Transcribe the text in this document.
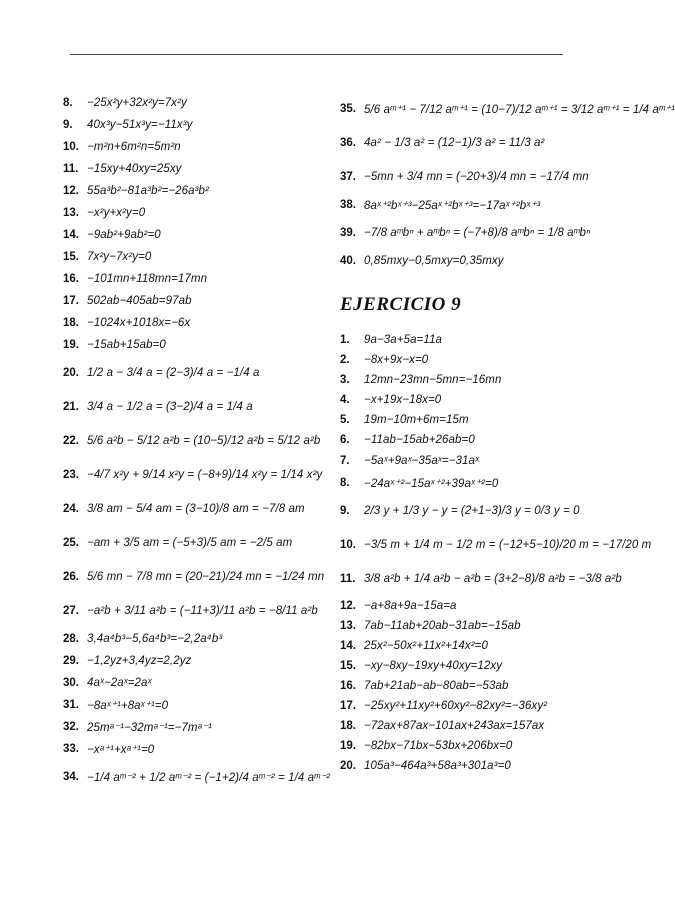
8.	−25x²y+32x²y=7x²y
9.	40x³y−51x³y=−11x³y
10. −m²n+6m²n=5m²n
11. −15xy+40xy=25xy
12. 55a³b²−81a³b²=−26a³b²
13. −x²y+x²y=0
14. −9ab²+9ab²=0
15. 7x²y−7x²y=0
16. −101mn+118mn=17mn
17. 502ab−405ab=97ab
18. −1024x+1018x=−6x
19. −15ab+15ab=0
20. 1/2 a − 3/4 a = (2−3)/4 a = −1/4 a
21. 3/4 a − 1/2 a = (3−2)/4 a = 1/4 a
22. 5/6 a²b − 5/12 a²b = (10−5)/12 a²b = 5/12 a²b
23. −4/7 x²y + 9/14 x²y = (−8+9)/14 x²y = 1/14 x²y
24. 3/8 am − 5/4 am = (3−10)/8 am = −7/8 am
25. −am + 3/5 am = (−5+3)/5 am = −2/5 am
26. 5/6 mn − 7/8 mn = (20−21)/24 mn = −1/24 mn
27. −a²b + 3/11 a²b = (−11+3)/11 a²b = −8/11 a²b
28. 3,4a⁴b³−5,6a⁴b³=−2,2a⁴b³
29. −1,2yz+3,4yz=2,2yz
30. 4aˣ−2aˣ=2aˣ
31. −8aˣ⁺¹+8aˣ⁺¹=0
32. 25mᵃ⁻¹−32mᵃ⁻¹=−7mᵃ⁻¹
33. −xᵃ⁺¹+xᵃ⁺¹=0
34. −1/4 aᵐ⁻² + 1/2 aᵐ⁻² = (−1+2)/4 aᵐ⁻² = 1/4 aᵐ⁻²
35. 5/6 aᵐ⁺¹ − 7/12 aᵐ⁺¹ = (10−7)/12 aᵐ⁺¹ = 3/12 aᵐ⁺¹ = 1/4 aᵐ⁺¹
36. 4a² − 1/3 a² = (12−1)/3 a² = 11/3 a²
37. −5mn + 3/4 mn = (−20+3)/4 mn = −17/4 mn
38. 8aˣ⁺²bˣ⁺³−25aˣ⁺²bˣ⁺³=−17aˣ⁺²bˣ⁺³
39. −7/8 aᵐbⁿ + aᵐbⁿ = (−7+8)/8 aᵐbⁿ = 1/8 aᵐbⁿ
40. 0,85mxy−0,5mxy=0,35mxy
EJERCICIO 9
1.	9a−3a+5a=11a
2.	−8x+9x−x=0
3.	12mn−23mn−5mn=−16mn
4.	−x+19x−18x=0
5.	19m−10m+6m=15m
6.	−11ab−15ab+26ab=0
7.	−5aˣ+9aˣ−35aˣ=−31aˣ
8.	−24aˣ⁺²−15aˣ⁺²+39aˣ⁺²=0
9.	2/3 y + 1/3 y − y = (2+1−3)/3 y = 0/3 y = 0
10. −3/5 m + 1/4 m − 1/2 m = (−12+5−10)/20 m = −17/20 m
11. 3/8 a²b + 1/4 a²b − a²b = (3+2−8)/8 a²b = −3/8 a²b
12. −a+8a+9a−15a=a
13. 7ab−11ab+20ab−31ab=−15ab
14. 25x²−50x²+11x²+14x²=0
15. −xy−8xy−19xy+40xy=12xy
16. 7ab+21ab−ab−80ab=−53ab
17. −25xy²+11xy²+60xy²−82xy²=−36xy²
18. −72ax+87ax−101ax+243ax=157ax
19. −82bx−71bx−53bx+206bx=0
20. 105a³−464a³+58a³+301a³=0
